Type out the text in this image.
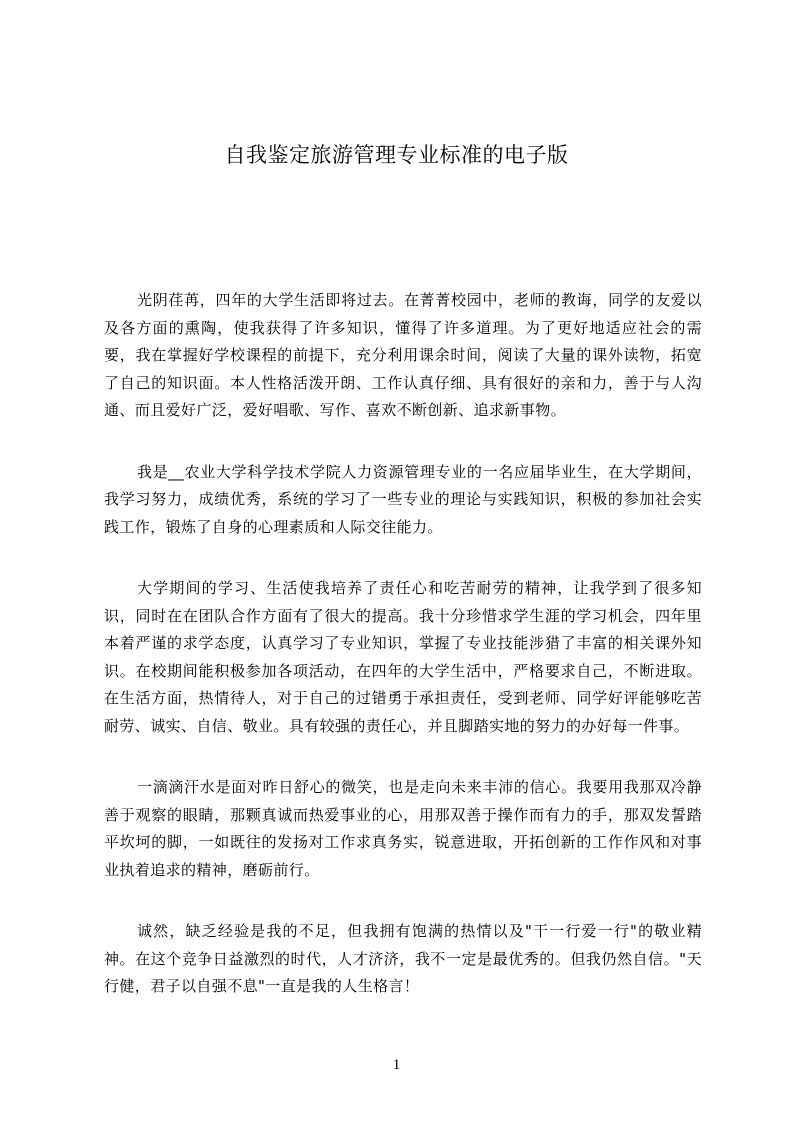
自我鉴定旅游管理专业标准的电子版

光阴荏苒，四年的大学生活即将过去。在菁菁校园中，老师的教诲，同学的友爱以及各方面的熏陶，使我获得了许多知识，懂得了许多道理。为了更好地适应社会的需要，我在掌握好学校课程的前提下，充分利用课余时间，阅读了大量的课外读物，拓宽了自己的知识面。本人性格活泼开朗、工作认真仔细、具有很好的亲和力，善于与人沟通、而且爱好广泛，爱好唱歌、写作、喜欢不断创新、追求新事物。

我是__农业大学科学技术学院人力资源管理专业的一名应届毕业生，在大学期间，我学习努力，成绩优秀，系统的学习了一些专业的理论与实践知识，积极的参加社会实践工作，锻炼了自身的心理素质和人际交往能力。

大学期间的学习、生活使我培养了责任心和吃苦耐劳的精神，让我学到了很多知识，同时在在团队合作方面有了很大的提高。我十分珍惜求学生涯的学习机会，四年里本着严谨的求学态度，认真学习了专业知识，掌握了专业技能涉猎了丰富的相关课外知识。在校期间能积极参加各项活动，在四年的大学生活中，严格要求自己，不断进取。在生活方面，热情待人，对于自己的过错勇于承担责任，受到老师、同学好评能够吃苦耐劳、诚实、自信、敬业。具有较强的责任心，并且脚踏实地的努力的办好每一件事。

一滴滴汗水是面对昨日舒心的微笑，也是走向未来丰沛的信心。我要用我那双冷静善于观察的眼睛，那颗真诚而热爱事业的心，用那双善于操作而有力的手，那双发誓踏平坎坷的脚，一如既往的发扬对工作求真务实，锐意进取，开拓创新的工作作风和对事业执着追求的精神，磨砺前行。

诚然，缺乏经验是我的不足，但我拥有饱满的热情以及"干一行爱一行"的敬业精神。在这个竞争日益激烈的时代，人才济济，我不一定是最优秀的。但我仍然自信。"天行健，君子以自强不息"一直是我的人生格言！

1
